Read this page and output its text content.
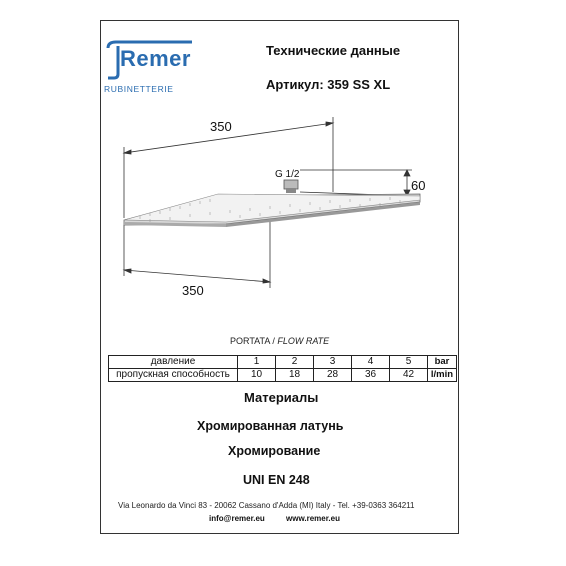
Remer
RUBINETTERIE
Технические данные
Артикул: 359 SS XL
350
350
60
G 1/2
PORTATA / FLOW RATE
давление	1	2	3	4	5	bar
пропускная способность	10	18	28	36	42	l/min
Материалы
Хромированная латунь
Хромирование
UNI EN 248
Via Leonardo da Vinci 83 - 20062 Cassano d'Adda (MI) Italy - Tel. +39-0363 364211
info@remer.eu	www.remer.eu
